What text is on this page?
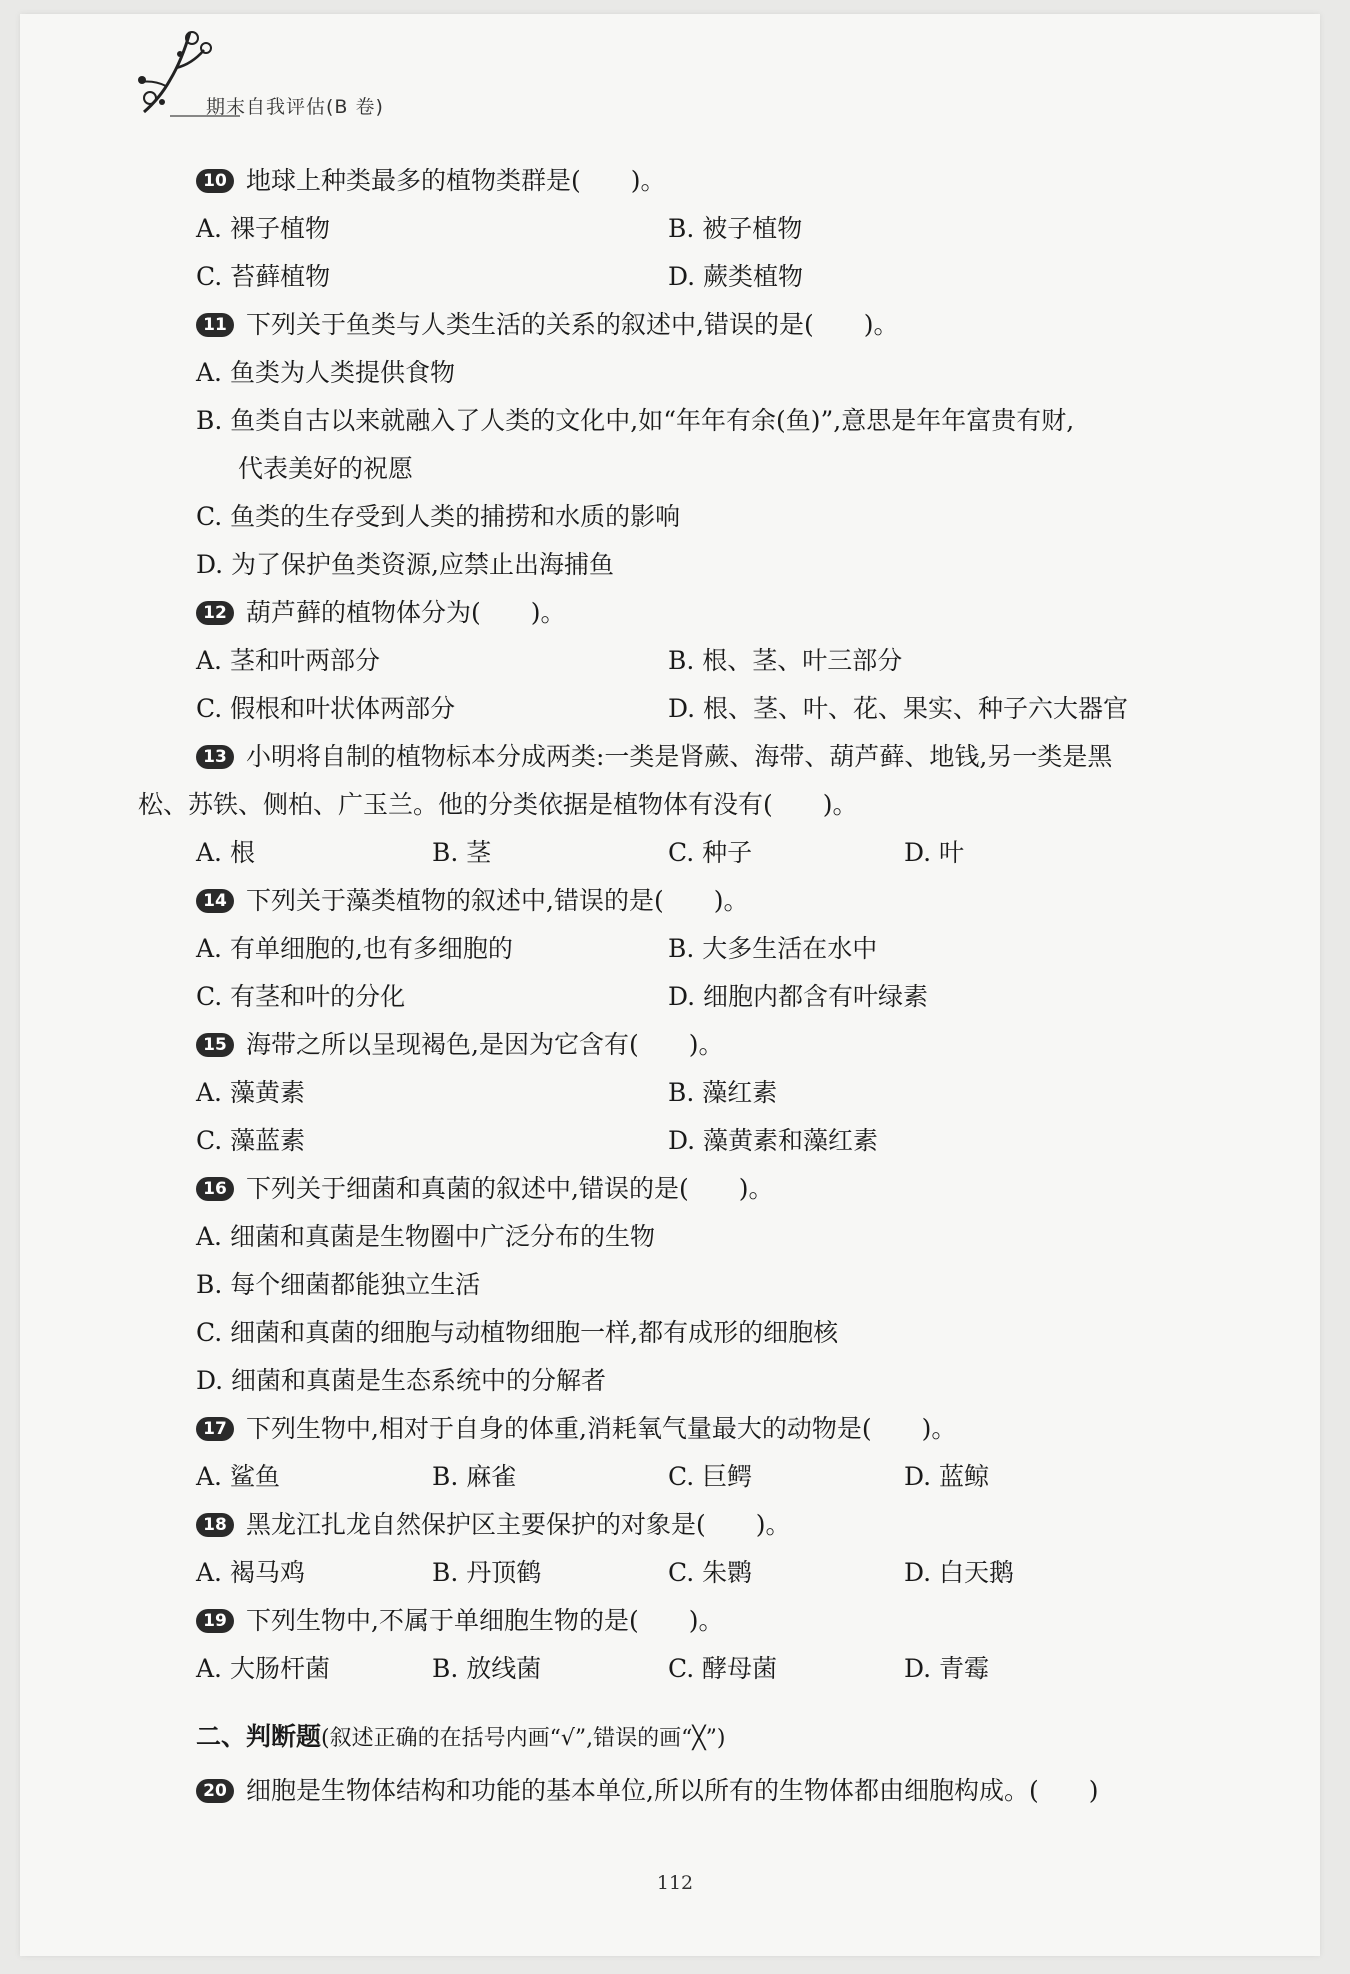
期末自我评估(B 卷)
10 地球上种类最多的植物类群是(　　)。
A. 裸子植物	B. 被子植物
C. 苔藓植物	D. 蕨类植物
11 下列关于鱼类与人类生活的关系的叙述中,错误的是(　　)。
A. 鱼类为人类提供食物
B. 鱼类自古以来就融入了人类的文化中,如“年年有余(鱼)”,意思是年年富贵有财,
代表美好的祝愿
C. 鱼类的生存受到人类的捕捞和水质的影响
D. 为了保护鱼类资源,应禁止出海捕鱼
12 葫芦藓的植物体分为(　　)。
A. 茎和叶两部分	B. 根、茎、叶三部分
C. 假根和叶状体两部分	D. 根、茎、叶、花、果实、种子六大器官
13 小明将自制的植物标本分成两类:一类是肾蕨、海带、葫芦藓、地钱,另一类是黑
松、苏铁、侧柏、广玉兰。他的分类依据是植物体有没有(　　)。
A. 根	B. 茎	C. 种子	D. 叶
14 下列关于藻类植物的叙述中,错误的是(　　)。
A. 有单细胞的,也有多细胞的	B. 大多生活在水中
C. 有茎和叶的分化	D. 细胞内都含有叶绿素
15 海带之所以呈现褐色,是因为它含有(　　)。
A. 藻黄素	B. 藻红素
C. 藻蓝素	D. 藻黄素和藻红素
16 下列关于细菌和真菌的叙述中,错误的是(　　)。
A. 细菌和真菌是生物圈中广泛分布的生物
B. 每个细菌都能独立生活
C. 细菌和真菌的细胞与动植物细胞一样,都有成形的细胞核
D. 细菌和真菌是生态系统中的分解者
17 下列生物中,相对于自身的体重,消耗氧气量最大的动物是(　　)。
A. 鲨鱼	B. 麻雀	C. 巨鳄	D. 蓝鲸
18 黑龙江扎龙自然保护区主要保护的对象是(　　)。
A. 褐马鸡	B. 丹顶鹤	C. 朱鹮	D. 白天鹅
19 下列生物中,不属于单细胞生物的是(　　)。
A. 大肠杆菌	B. 放线菌	C. 酵母菌	D. 青霉
二、判断题(叙述正确的在括号内画“√”,错误的画“╳”)
20 细胞是生物体结构和功能的基本单位,所以所有的生物体都由细胞构成。(　　)
112
